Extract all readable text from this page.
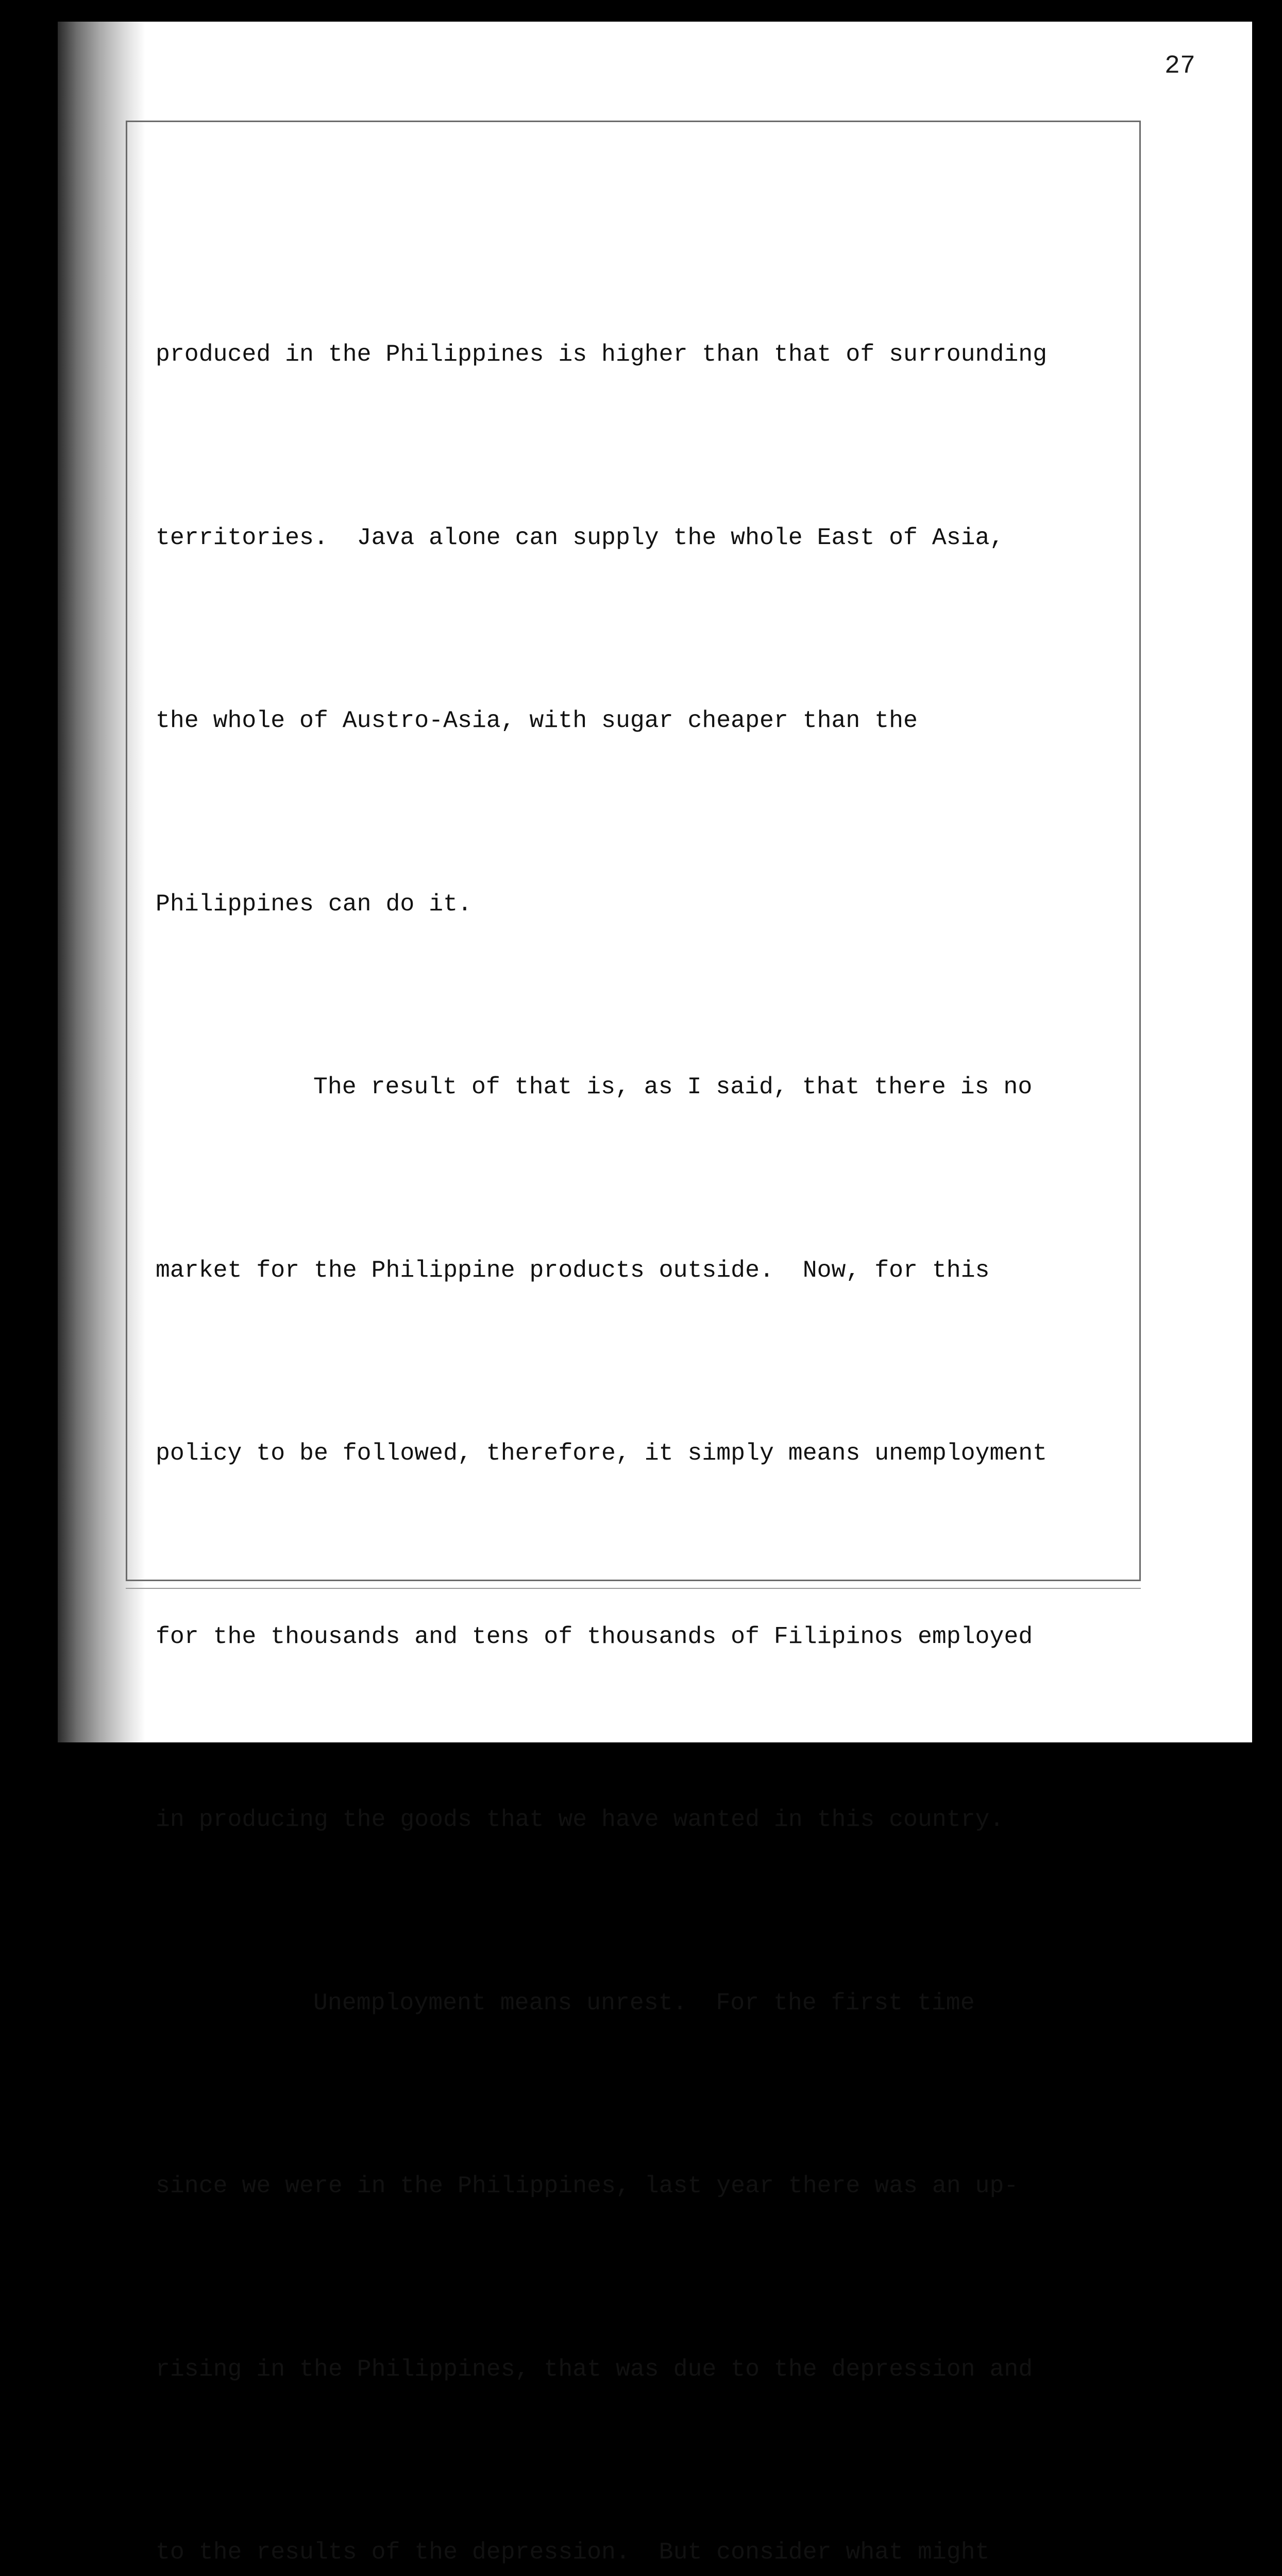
27

produced in the Philippines is higher than that of surrounding

territories.  Java alone can supply the whole East of Asia,

the whole of Austro-Asia, with sugar cheaper than the

Philippines can do it.

The result of that is, as I said, that there is no

market for the Philippine products outside.  Now, for this

policy to be followed, therefore, it simply means unemployment

for the thousands and tens of thousands of Filipinos employed

in producing the goods that we have wanted in this country.

Unemployment means unrest.  For the first time

since we were in the Philippines, last year there was an up-

rising in the Philippines, that was due to the depression and

to the results of the depression.  But consider what might
